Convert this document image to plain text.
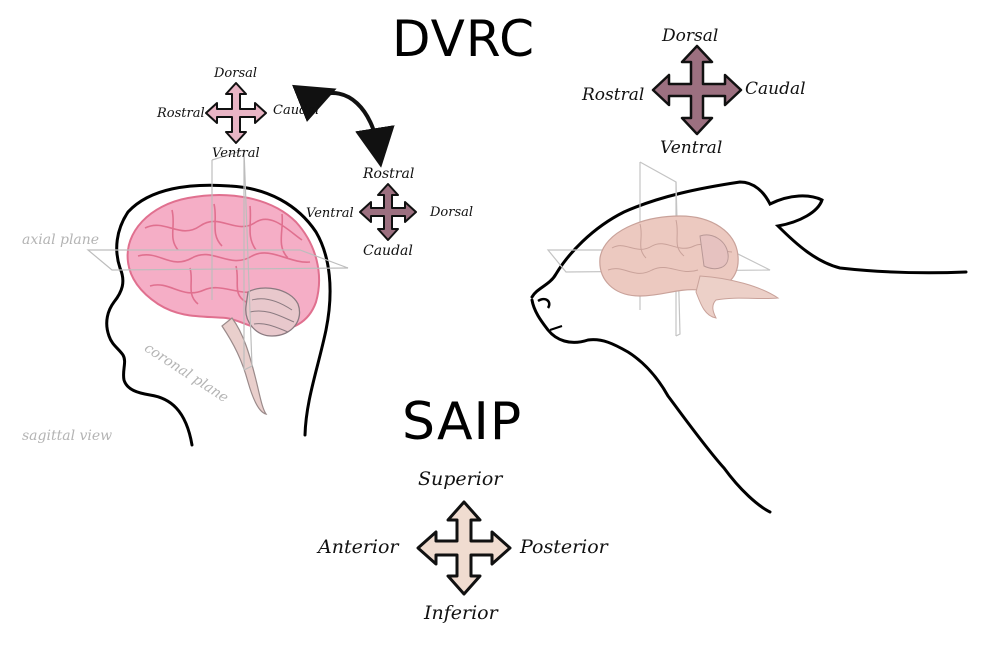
DVRC
SAIP
Dorsal
Rostral	Caudal
Ventral
Rostral
Ventral	Dorsal
Caudal
Dorsal
Rostral	Caudal
Ventral
Superior
Anterior	Posterior
Inferior
axial plane
coronal plane
sagittal view
